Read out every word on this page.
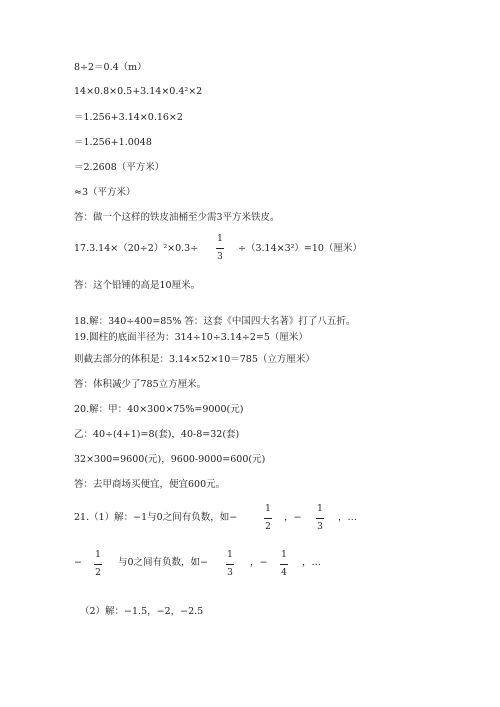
8÷2＝0.4（m）
14×0.8×0.5+3.14×0.4²×2
＝1.256+3.14×0.16×2
＝1.256+1.0048
＝2.2608（平方米）
≈3（平方米）
答：做一个这样的铁皮油桶至少需3平方米铁皮。
17.3.14×（20÷2）²×0.3÷
1
3
÷（3.14×3²）=10（厘米）
答：这个铅锤的高是10厘米。
18.解：340÷400=85% 答：这套《中国四大名著》打了八五折。
19.圆柱的底面半径为：314÷10÷3.14÷2=5（厘米）
则截去部分的体积是：3.14×52×10＝785（立方厘米）
答：体积减少了785立方厘米。
20.解：甲：40×300×75%=9000(元)
乙：40÷(4+1)=8(套)，40-8=32(套)
32×300=9600(元)，9600-9000=600(元)
答：去甲商场买便宜，便宜600元。
21.（1）解：−1与0之间有负数，如−
1
2
，−
1
3
，…
−
1
2
与0之间有负数，如−
1
3
，−
1
4
，…
（2）解：−1.5，−2，−2.5
